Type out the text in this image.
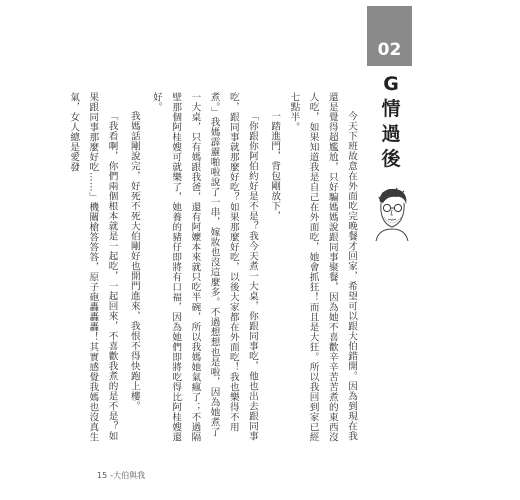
02
G情過後

今天下班故意在外面吃完晚餐才回家，希望可以跟大伯錯開。因為到現在我還是覺得超尷尬，只好騙媽媽說跟同事聚餐，因為她不喜歡辛辛苦苦煮的東西沒人吃，如果知道我是自己在外面吃，她會抓狂！而且是大狂。所以我回到家已經七點半。

一踏進門，背包剛放下，

「你跟你阿伯約好是不是？我今天煮一大桌，你跟同事吃，他也出去跟同事吃，跟同事就那麼好吃？如果那麼好吃，以後大家都在外面吃！我也樂得不用煮。」我媽霹靂啪啦說了一串，嫁妝也沒這麼多。不過想想也是啦，因為她煮了一大桌，只有媽跟我爸，還有阿嬤本來就只吃半碗，所以我媽她氣瘋了；不過隔壁那個阿桂嫂可就樂了，她養的豬仔即將有口福，因為她們即將吃得比阿桂嫂還好。

我媽話剛說完，好死不死大伯剛好也開門進來，我恨不得快跑上樓。

「我看啊，你們兩個根本就是一起吃，一起回來，不喜歡我煮的是不是？如果跟同事那麼好吃……」機關槍答答答，原子砲轟轟轟！其實感覺我媽也沒真生氣，女人總是愛發

15 -大伯與我
